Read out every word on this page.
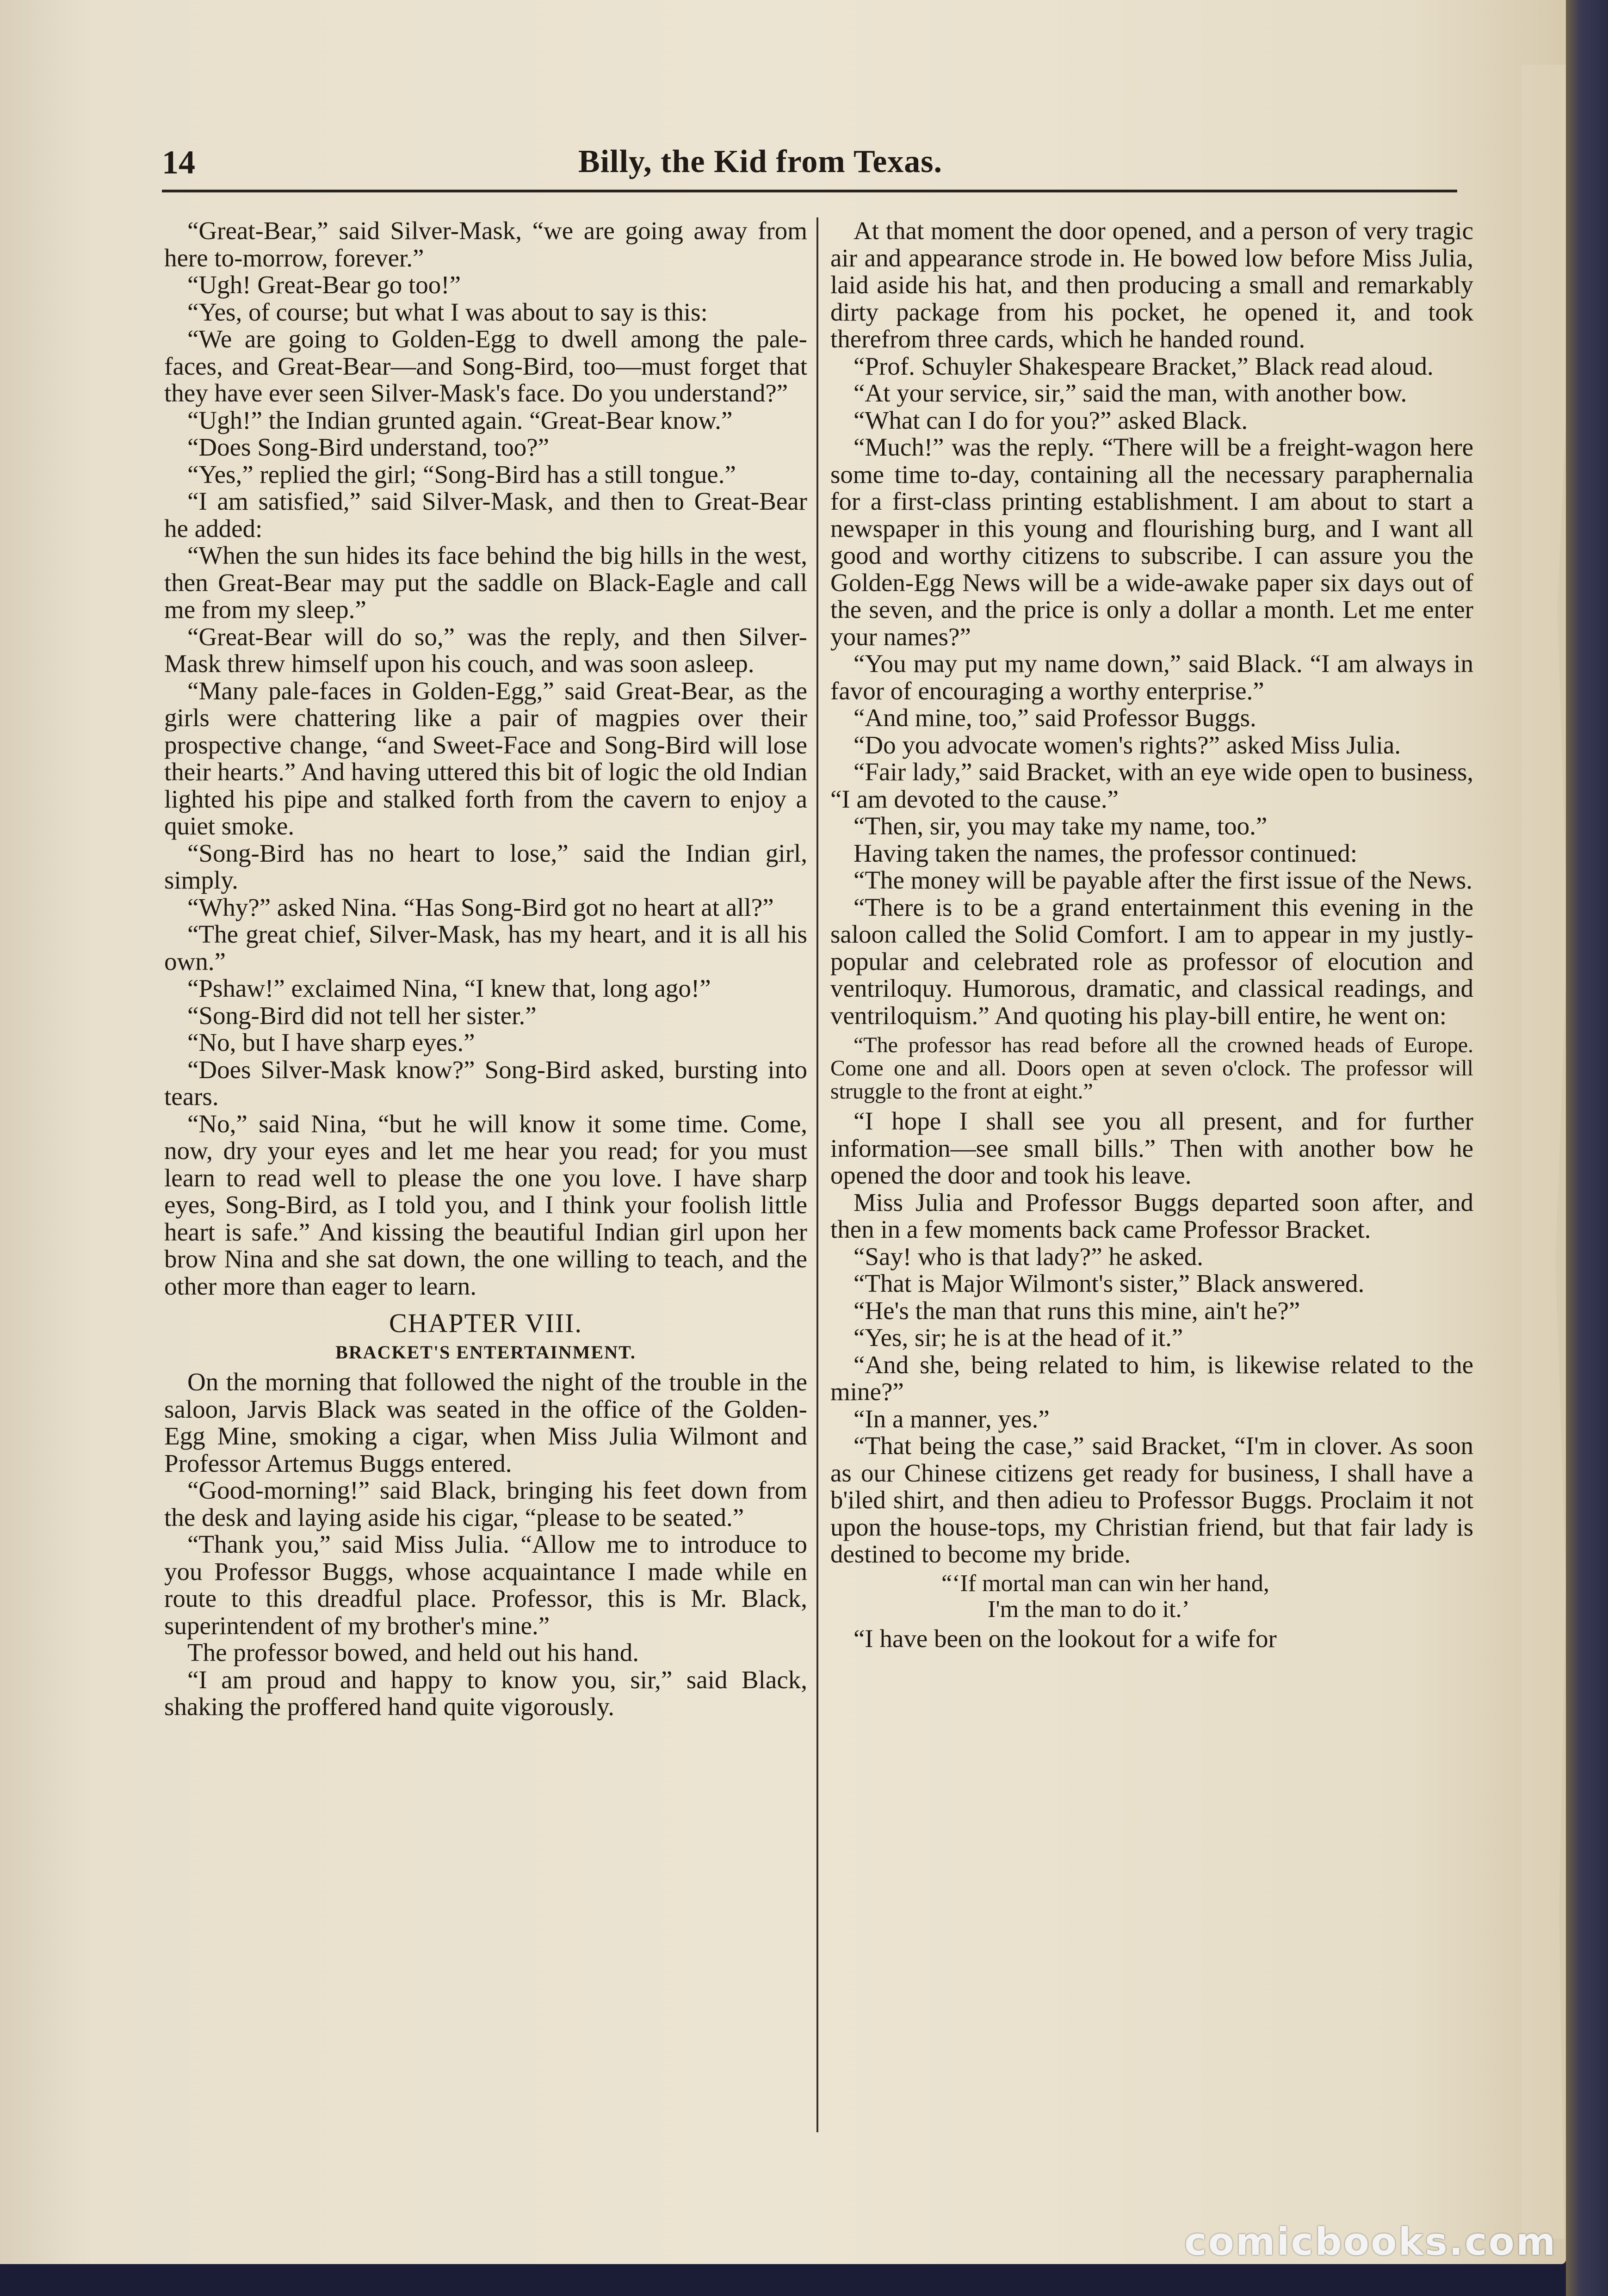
14	Billy, the Kid from Texas.

“Great-Bear,” said Silver-Mask, “we are going away from here to-morrow, forever.”

“Ugh! Great-Bear go too!”

“Yes, of course; but what I was about to say is this:

“We are going to Golden-Egg to dwell among the pale-faces, and Great-Bear—and Song-Bird, too—must forget that they have ever seen Silver-Mask's face. Do you understand?”

“Ugh!” the Indian grunted again. “Great-Bear know.”

“Does Song-Bird understand, too?”

“Yes,” replied the girl; “Song-Bird has a still tongue.”

“I am satisfied,” said Silver-Mask, and then to Great-Bear he added:

“When the sun hides its face behind the big hills in the west, then Great-Bear may put the saddle on Black-Eagle and call me from my sleep.”

“Great-Bear will do so,” was the reply, and then Silver-Mask threw himself upon his couch, and was soon asleep.

“Many pale-faces in Golden-Egg,” said Great-Bear, as the girls were chattering like a pair of magpies over their prospective change, “and Sweet-Face and Song-Bird will lose their hearts.” And having uttered this bit of logic the old Indian lighted his pipe and stalked forth from the cavern to enjoy a quiet smoke.

“Song-Bird has no heart to lose,” said the Indian girl, simply.

“Why?” asked Nina. “Has Song-Bird got no heart at all?”

“The great chief, Silver-Mask, has my heart, and it is all his own.”

“Pshaw!” exclaimed Nina, “I knew that, long ago!”

“Song-Bird did not tell her sister.”

“No, but I have sharp eyes.”

“Does Silver-Mask know?” Song-Bird asked, bursting into tears.

“No,” said Nina, “but he will know it some time. Come, now, dry your eyes and let me hear you read; for you must learn to read well to please the one you love. I have sharp eyes, Song-Bird, as I told you, and I think your foolish little heart is safe.” And kissing the beautiful Indian girl upon her brow Nina and she sat down, the one willing to teach, and the other more than eager to learn.

CHAPTER VIII.

BRACKET'S ENTERTAINMENT.

On the morning that followed the night of the trouble in the saloon, Jarvis Black was seated in the office of the Golden-Egg Mine, smoking a cigar, when Miss Julia Wilmont and Professor Artemus Buggs entered.

“Good-morning!” said Black, bringing his feet down from the desk and laying aside his cigar, “please to be seated.”

“Thank you,” said Miss Julia. “Allow me to introduce to you Professor Buggs, whose acquaintance I made while en route to this dreadful place. Professor, this is Mr. Black, superintendent of my brother's mine.”

The professor bowed, and held out his hand.

“I am proud and happy to know you, sir,” said Black, shaking the proffered hand quite vigorously.

At that moment the door opened, and a person of very tragic air and appearance strode in. He bowed low before Miss Julia, laid aside his hat, and then producing a small and remarkably dirty package from his pocket, he opened it, and took therefrom three cards, which he handed round.

“Prof. Schuyler Shakespeare Bracket,” Black read aloud.

“At your service, sir,” said the man, with another bow.

“What can I do for you?” asked Black.

“Much!” was the reply. “There will be a freight-wagon here some time to-day, containing all the necessary paraphernalia for a first-class printing establishment. I am about to start a newspaper in this young and flourishing burg, and I want all good and worthy citizens to subscribe. I can assure you the Golden-Egg News will be a wide-awake paper six days out of the seven, and the price is only a dollar a month. Let me enter your names?”

“You may put my name down,” said Black. “I am always in favor of encouraging a worthy enterprise.”

“And mine, too,” said Professor Buggs.

“Do you advocate women's rights?” asked Miss Julia.

“Fair lady,” said Bracket, with an eye wide open to business, “I am devoted to the cause.”

“Then, sir, you may take my name, too.”

Having taken the names, the professor continued:

“The money will be payable after the first issue of the News.

“There is to be a grand entertainment this evening in the saloon called the Solid Comfort. I am to appear in my justly-popular and celebrated role as professor of elocution and ventriloquy. Humorous, dramatic, and classical readings, and ventriloquism.” And quoting his play-bill entire, he went on:

“The professor has read before all the crowned heads of Europe. Come one and all. Doors open at seven o'clock. The professor will struggle to the front at eight.”

“I hope I shall see you all present, and for further information—see small bills.” Then with another bow he opened the door and took his leave.

Miss Julia and Professor Buggs departed soon after, and then in a few moments back came Professor Bracket.

“Say! who is that lady?” he asked.

“That is Major Wilmont's sister,” Black answered.

“He's the man that runs this mine, ain't he?”

“Yes, sir; he is at the head of it.”

“And she, being related to him, is likewise related to the mine?”

“In a manner, yes.”

“That being the case,” said Bracket, “I'm in clover. As soon as our Chinese citizens get ready for business, I shall have a b'iled shirt, and then adieu to Professor Buggs. Proclaim it not upon the house-tops, my Christian friend, but that fair lady is destined to become my bride.

“‘If mortal man can win her hand,
I'm the man to do it.’

“I have been on the lookout for a wife for

comicbooks.com
